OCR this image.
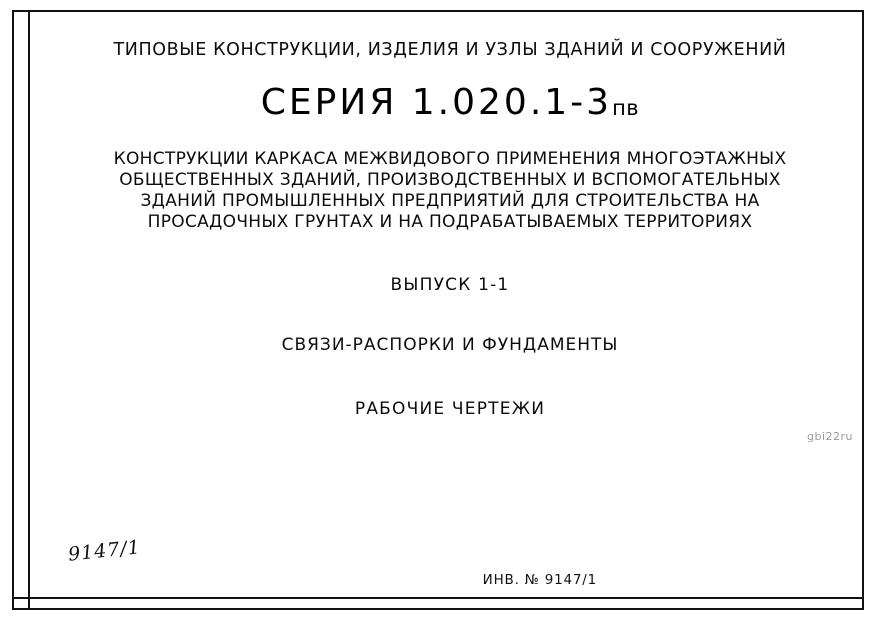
ТИПОВЫЕ КОНСТРУКЦИИ, ИЗДЕЛИЯ И УЗЛЫ ЗДАНИЙ И СООРУЖЕНИЙ
СЕРИЯ 1.020.1-3пв
КОНСТРУКЦИИ КАРКАСА МЕЖВИДОВОГО ПРИМЕНЕНИЯ МНОГОЭТАЖНЫХ
ОБЩЕСТВЕННЫХ ЗДАНИЙ, ПРОИЗВОДСТВЕННЫХ И ВСПОМОГАТЕЛЬНЫХ
ЗДАНИЙ ПРОМЫШЛЕННЫХ ПРЕДПРИЯТИЙ ДЛЯ СТРОИТЕЛЬСТВА НА
ПРОСАДОЧНЫХ ГРУНТАХ И НА ПОДРАБАТЫВАЕМЫХ ТЕРРИТОРИЯХ
ВЫПУСК 1-1
СВЯЗИ-РАСПОРКИ И ФУНДАМЕНТЫ
РАБОЧИЕ ЧЕРТЕЖИ
gbi22ru
9147/1
ИНВ. № 9147/1
